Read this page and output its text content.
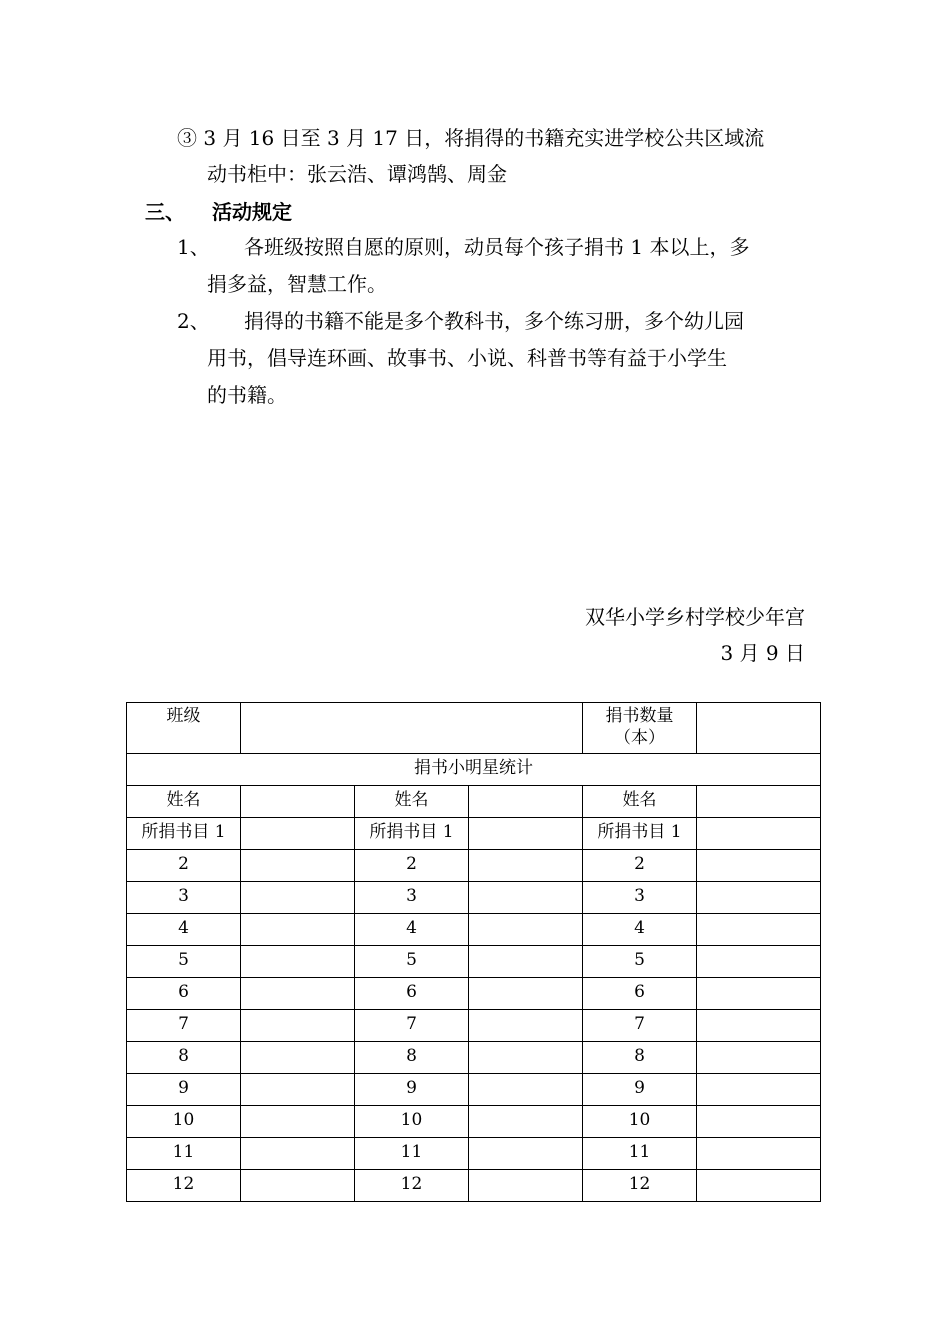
③ 3 月 16 日至 3 月 17 日，将捐得的书籍充实进学校公共区域流
动书柜中：张云浩、谭鸿鹄、周金
三、 活动规定
1、 各班级按照自愿的原则，动员每个孩子捐书 1 本以上，多
捐多益，智慧工作。
2、 捐得的书籍不能是多个教科书，多个练习册，多个幼儿园
用书，倡导连环画、故事书、小说、科普书等有益于小学生
的书籍。
双华小学乡村学校少年宫
3 月 9 日
班级				捐书数量
（本）	

捐书小明星统计					
姓名		姓名		姓名	
所捐书目 1		所捐书目 1		所捐书目 1	
2		2		2	
3		3		3	
4		4		4	
5		5		5	
6		6		6	
7		7		7	
8		8		8	
9		9		9	
10		10		10	
11		11		11	
12		12		12	
